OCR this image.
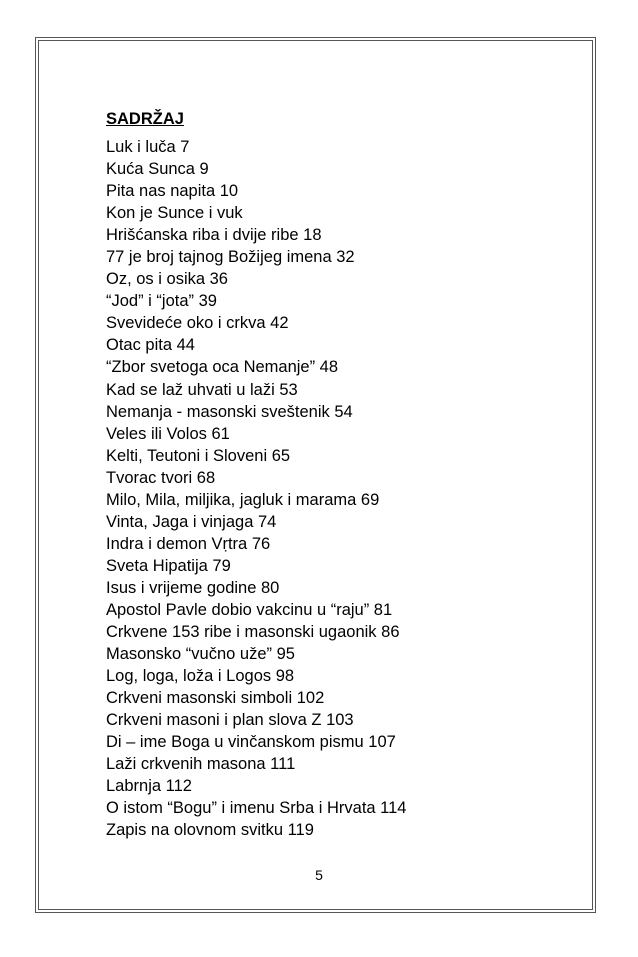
SADRŽAJ
Luk i luča 7
Kuća Sunca 9
Pita nas napita 10
Kon je Sunce i vuk
Hrišćanska riba i dvije ribe 18
77 je broj tajnog Božijeg imena 32
Oz, os i osika 36
“Jod” i “jota” 39
Svevideće oko i crkva 42
Otac pita 44
“Zbor svetoga oca Nemanje” 48
Kad se laž uhvati u laži 53
Nemanja - masonski sveštenik 54
Veles ili Volos 61
Kelti, Teutoni i Sloveni 65
Tvorac tvori 68
Milo, Mila, miljika, jagluk i marama 69
Vinta, Jaga i vinjaga 74
Indra i demon Vṛtra 76
Sveta Hipatija 79
Isus i vrijeme godine 80
Apostol Pavle dobio vakcinu u “raju” 81
Crkvene 153 ribe i masonski ugaonik 86
Masonsko “vučno uže” 95
Log, loga, loža i Logos 98
Crkveni masonski simboli 102
Crkveni masoni i plan slova Z 103
Di – ime Boga u vinčanskom pismu 107
Laži crkvenih masona 111
Labrnja 112
O istom “Bogu” i imenu Srba i Hrvata 114
Zapis na olovnom svitku 119
5
